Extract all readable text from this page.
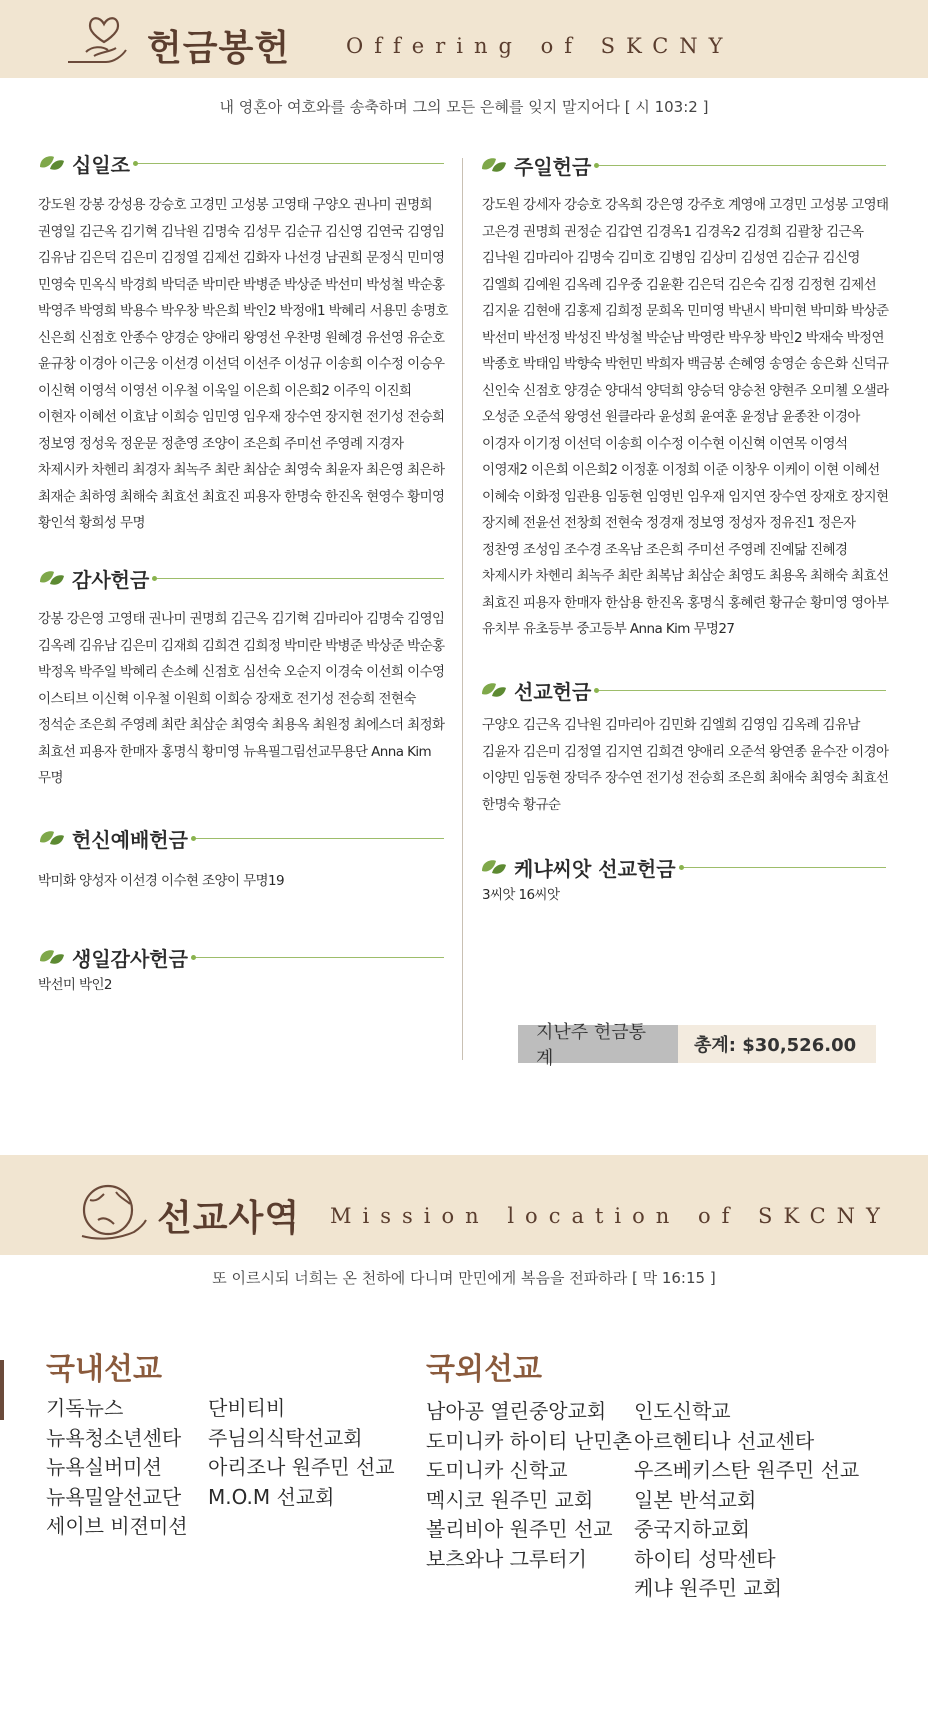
헌금봉헌	Offering of SKCNY
내 영혼아 여호와를 송축하며 그의 모든 은혜를 잊지 말지어다 [ 시 103:2 ]
십일조
강도원 강봉 강성용 강승호 고경민 고성봉 고영태 구양오 권나미 권명희 권영일 김근옥 김기혁 김낙원 김명숙 김성무 김순규 김신영 김연국 김영임 김유남 김은덕 김은미 김정열 김제선 김화자 나선경 남권희 문정식 민미영 민영숙 민옥식 박경희 박덕준 박미란 박병준 박상준 박선미 박성철 박순홍 박영주 박영희 박용수 박우창 박은희 박인2 박정애1 박혜리 서용민 송명호 신은희 신점호 안종수 양경순 양애리 왕영선 우찬명 원혜경 유선영 유순호 윤규창 이경아 이근웅 이선경 이선덕 이선주 이성규 이송희 이수정 이승우 이신혁 이영석 이영선 이우철 이욱일 이은희 이은희2 이주익 이진희 이현자 이혜선 이효남 이희승 임민영 임우재 장수연 장지현 전기성 전승희 정보영 정성욱 정운문 정춘영 조양이 조은희 주미선 주영례 지경자 차제시카 차헨리 최경자 최녹주 최란 최삼순 최영숙 최윤자 최은영 최은하 최재순 최하영 최해숙 최효선 최효진 피용자 한명숙 한진옥 현영수 황미영 황인석 황희성 무명
감사헌금
강봉 강은영 고영태 권나미 권명희 김근옥 김기혁 김마리아 김명숙 김영임 김옥례 김유남 김은미 김재희 김희견 김희정 박미란 박병준 박상준 박순홍 박정옥 박주일 박혜리 손소혜 신점호 심선숙 오순지 이경숙 이선희 이수영 이스티브 이신혁 이우철 이원희 이희승 장재호 전기성 전승희 전현숙 정석순 조은희 주영례 최란 최삼순 최영숙 최용옥 최원정 최에스더 최정화 최효선 피용자 한매자 홍명식 황미영 뉴욕필그림선교무용단 Anna Kim 무명
헌신예배헌금
박미화 양성자 이선경 이수현 조양이 무명19
생일감사헌금
박선미 박인2
주일헌금
강도원 강세자 강승호 강옥희 강은영 강주호 계영애 고경민 고성봉 고영태 고은경 권명희 권정순 김갑연 김경옥1 김경옥2 김경희 김괄창 김근옥 김낙원 김마리아 김명숙 김미호 김병임 김상미 김성연 김순규 김신영 김엘희 김예원 김옥례 김우중 김윤환 김은덕 김은숙 김정 김정현 김제선 김지윤 김현애 김홍제 김희정 문희옥 민미영 박낸시 박미현 박미화 박상준 박선미 박선정 박성진 박성철 박순남 박영란 박우창 박인2 박재숙 박정연 박종호 박태임 박향숙 박헌민 박희자 백금봉 손혜영 송영순 송은화 신덕규 신인숙 신점호 양경순 양대석 양덕희 양승덕 양승천 양현주 오미쳴 오샐라 오성준 오준석 왕영선 원클라라 윤성희 윤여훈 윤정남 윤종찬 이경아 이경자 이기정 이선덕 이송희 이수정 이수현 이신혁 이연목 이영석 이영재2 이은희 이은희2 이정훈 이정희 이준 이창우 이케이 이현 이혜선 이혜숙 이화정 임관용 임동현 임영빈 임우재 임지연 장수연 장재호 장지현 장지혜 전윤선 전창희 전현숙 정경재 정보영 정성자 정유진1 정은자 정찬영 조성임 조수경 조옥남 조은희 주미선 주영례 진예닮 진혜경 차제시카 차헨리 최녹주 최란 최복남 최삼순 최영도 최용옥 최해숙 최효선 최효진 피용자 한매자 한삼용 한진옥 홍명식 홍혜련 황규순 황미영 영아부 유치부 유초등부 중고등부 Anna Kim 무명27
선교헌금
구양오 김근옥 김낙원 김마리아 김민화 김엘희 김영임 김옥례 김유남 김윤자 김은미 김정열 김지연 김희견 양애리 오준석 왕연종 윤수잔 이경아 이양민 임동현 장덕주 장수연 전기성 전승희 조은희 최애숙 최영숙 최효선 한명숙 황규순
케냐씨앗 선교헌금
3씨앗 16씨앗
지난주 헌금통계
총계: $30,526.00
선교사역 Mission location of SKCNY
또 이르시되 너희는 온 천하에 다니며 만민에게 복음을 전파하라 [ 막 16:15 ]
국내선교
기독뉴스
뉴욕청소년센타
뉴욕실버미션
뉴욕밀알선교단
세이브 비젼미션
단비티비
주님의식탁선교회
아리조나 원주민 선교
M.O.M 선교회
국외선교
남아공 열린중앙교회
도미니카 하이티 난민촌
도미니카 신학교
멕시코 원주민 교회
볼리비아 원주민 선교
보츠와나 그루터기
인도신학교
아르헨티나 선교센타
우즈베키스탄 원주민 선교
일본 반석교회
중국지하교회
하이티 성막센타
케냐 원주민 교회
